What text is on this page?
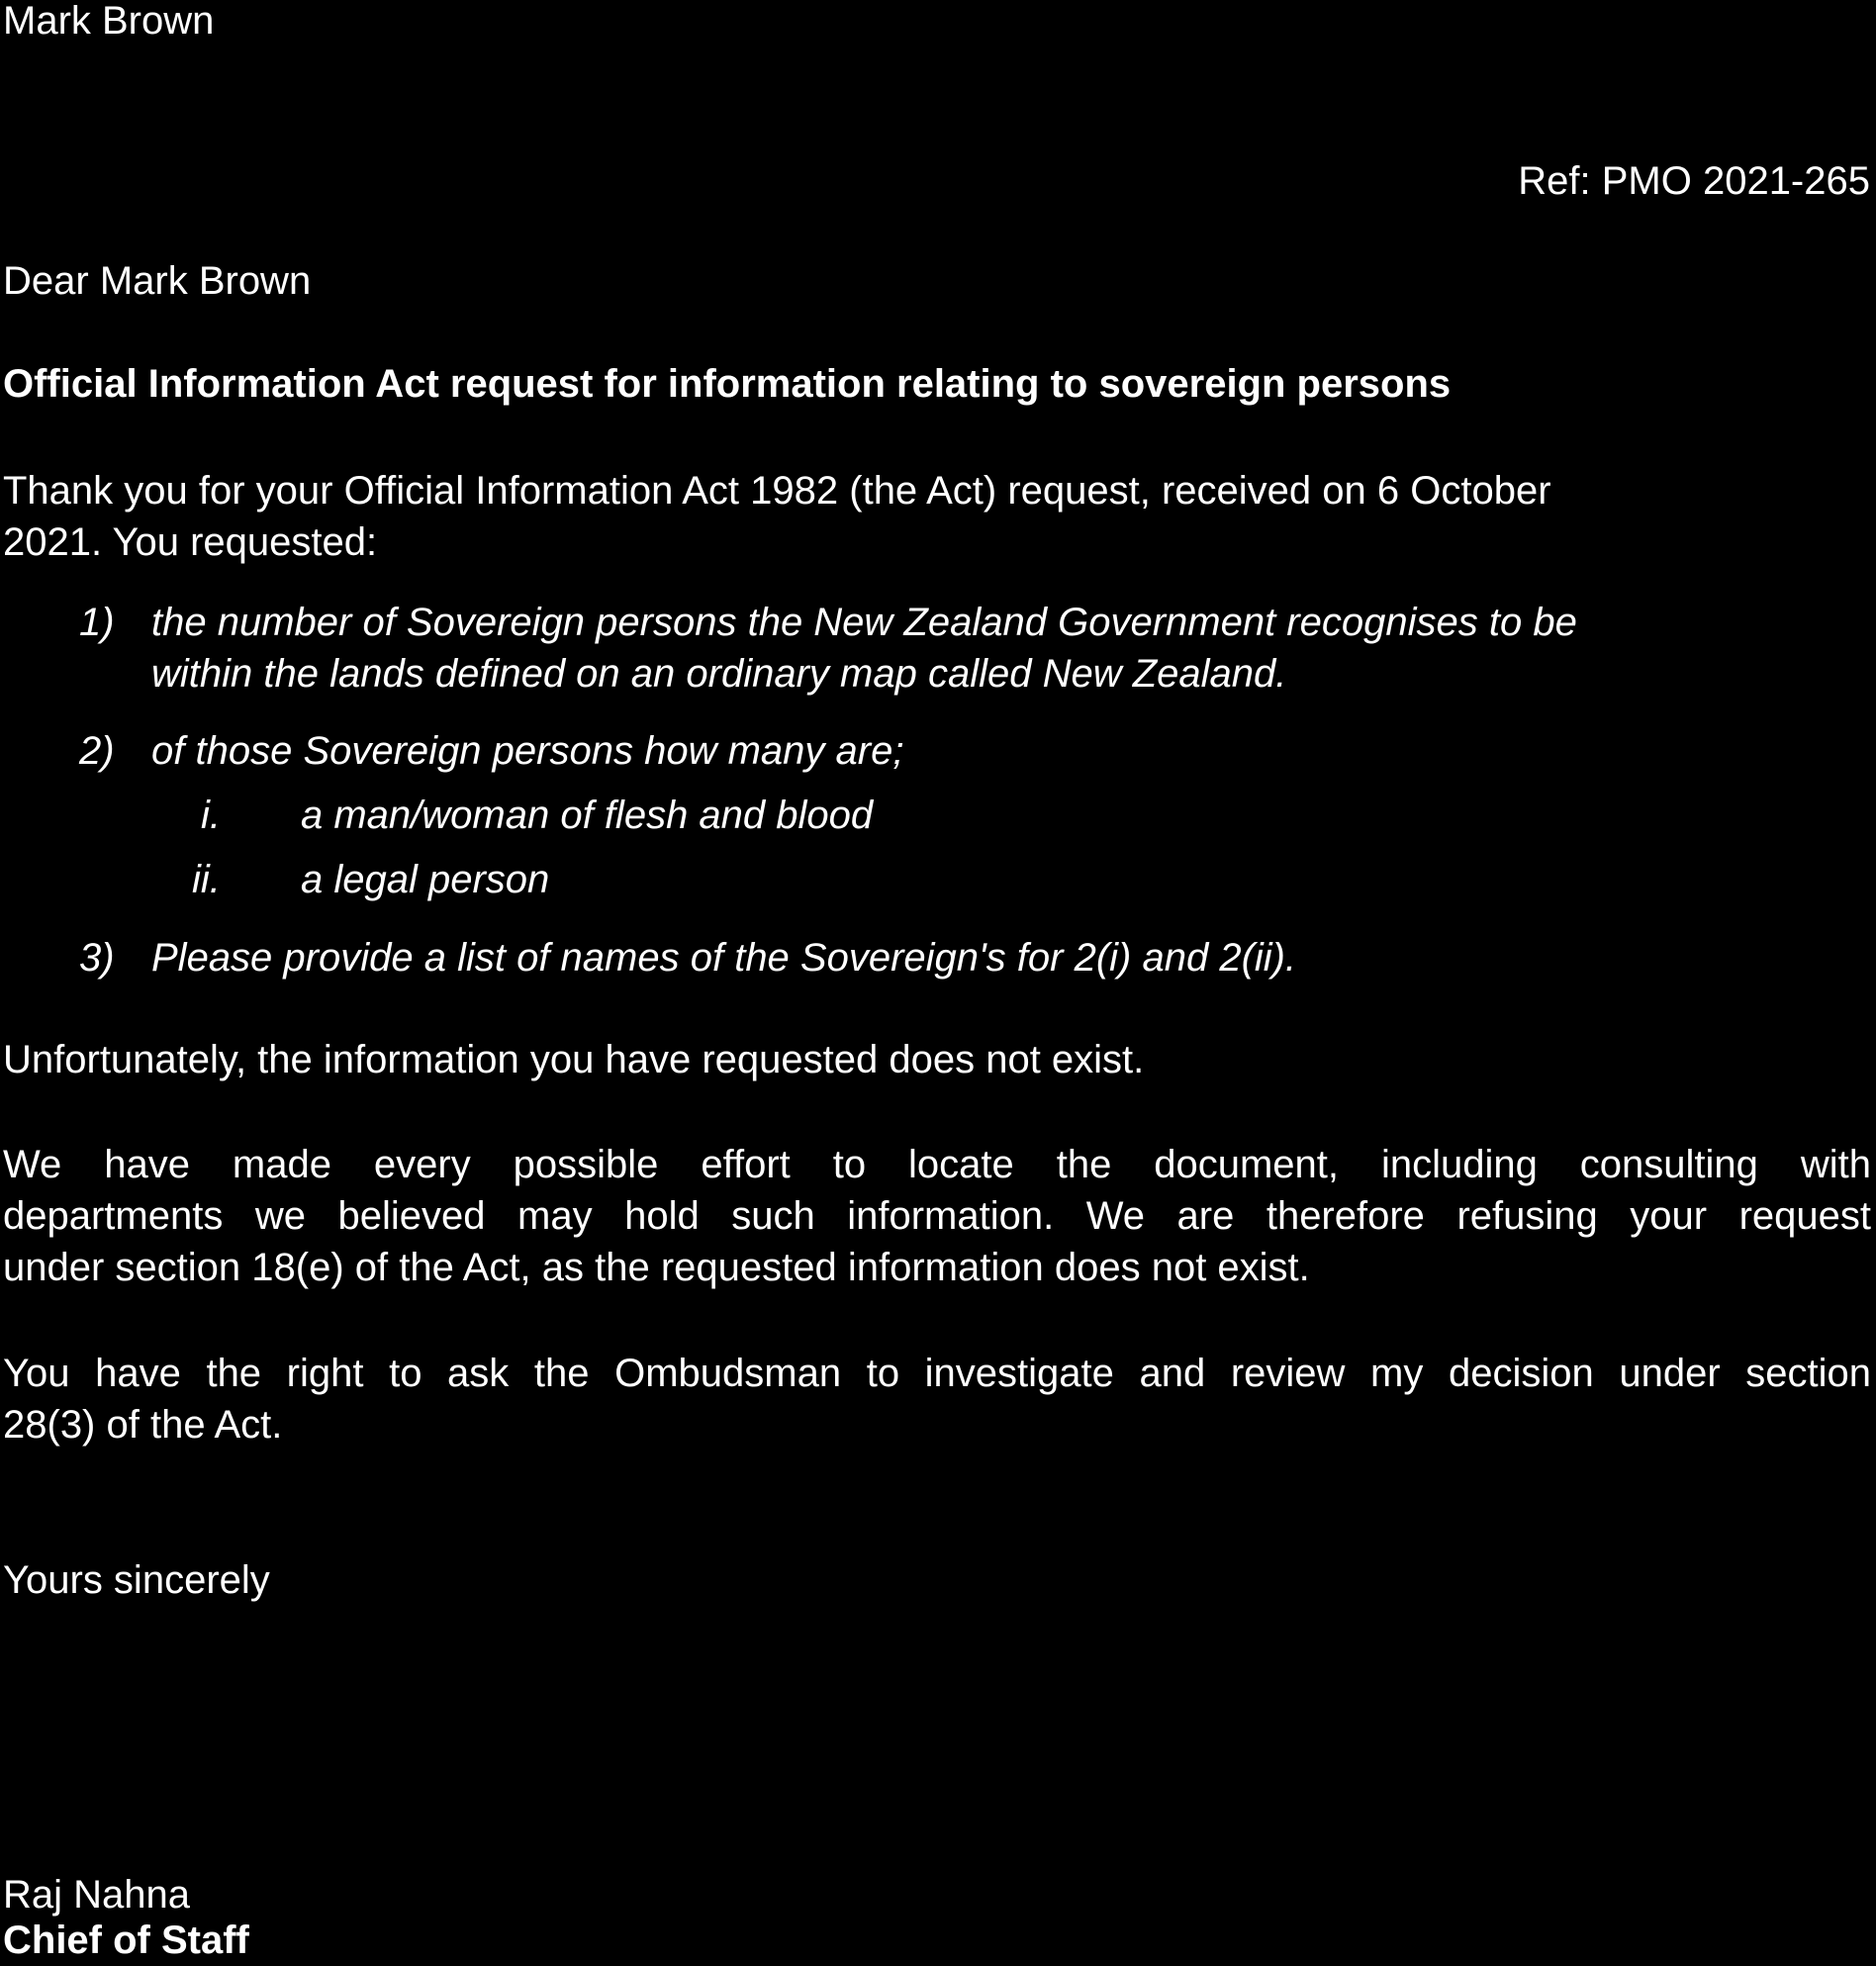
Mark Brown
Ref: PMO 2021-265
Dear Mark Brown
Official Information Act request for information relating to sovereign persons
Thank you for your Official Information Act 1982 (the Act) request, received on 6 October
2021. You requested:
1) the number of Sovereign persons the New Zealand Government recognises to be
within the lands defined on an ordinary map called New Zealand.
2) of those Sovereign persons how many are;
i. a man/woman of flesh and blood
ii. a legal person
3) Please provide a list of names of the Sovereign's for 2(i) and 2(ii).
Unfortunately, the information you have requested does not exist.
We have made every possible effort to locate the document, including consulting with
departments we believed may hold such information. We are therefore refusing your request
under section 18(e) of the Act, as the requested information does not exist.
You have the right to ask the Ombudsman to investigate and review my decision under section
28(3) of the Act.
Yours sincerely
Raj Nahna
Chief of Staff
